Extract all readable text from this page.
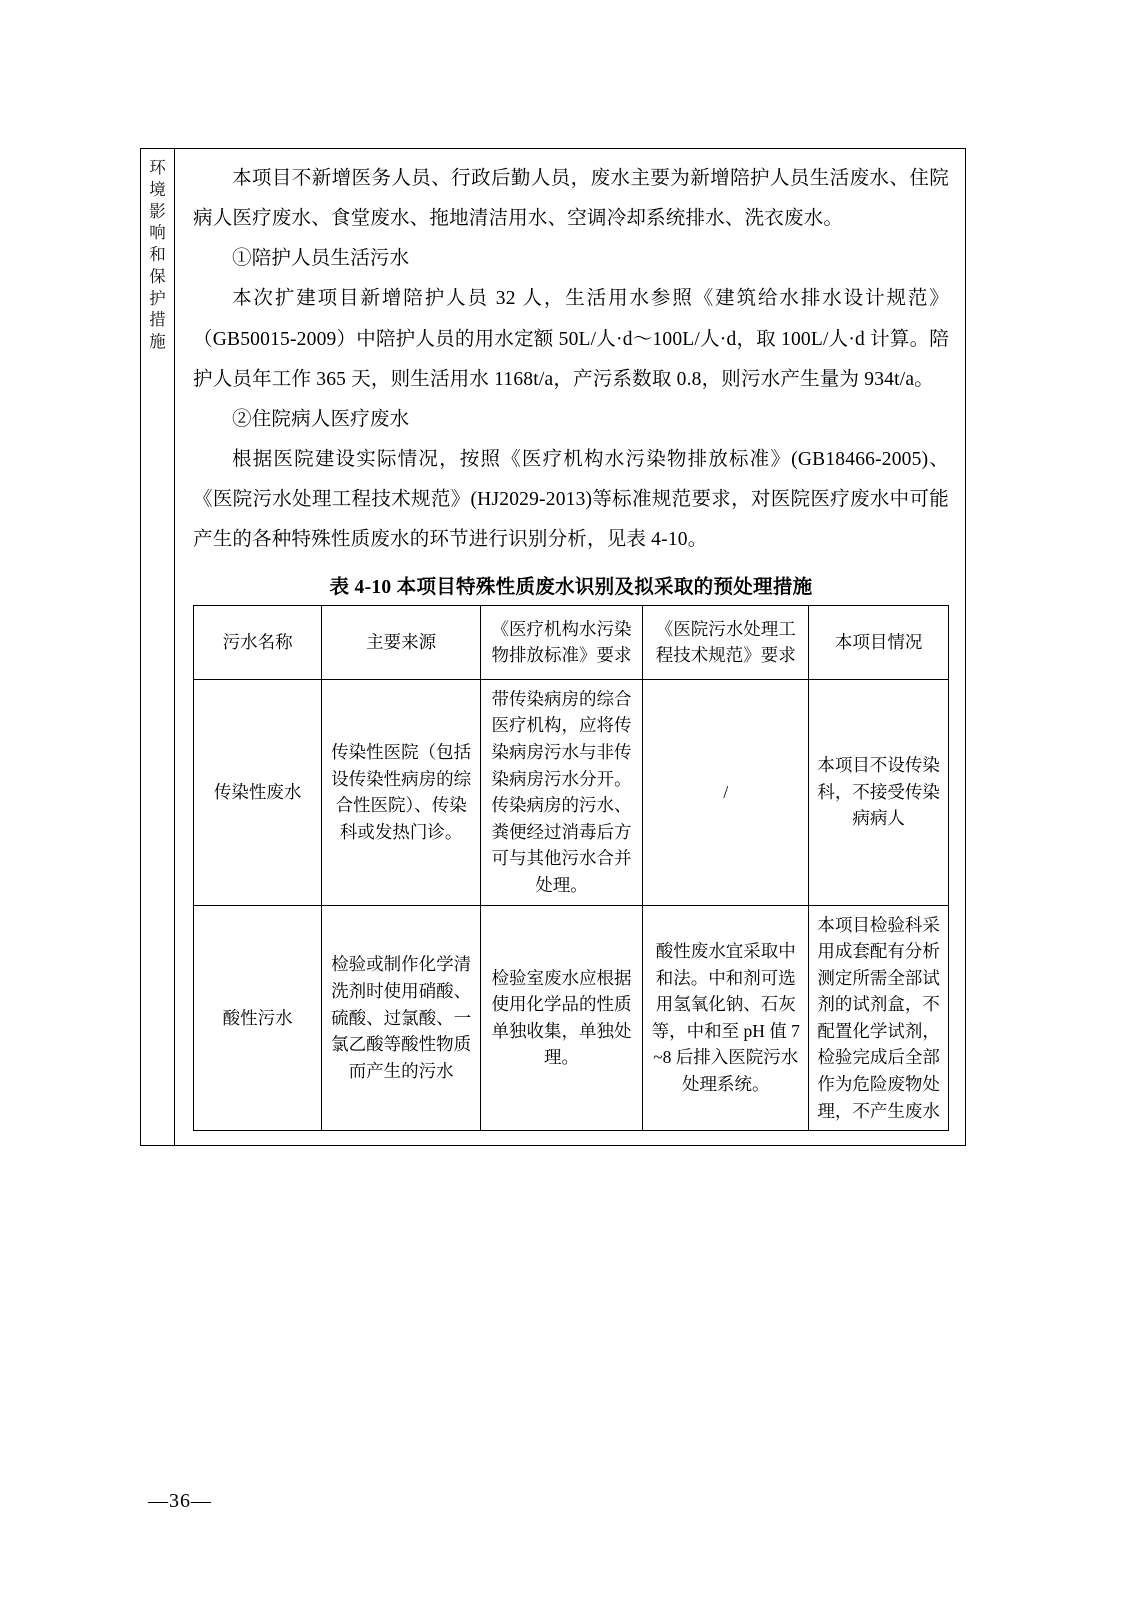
环
境
影
响
和
保
护
措
施

本项目不新增医务人员、行政后勤人员，废水主要为新增陪护人员生活废水、住院病人医疗废水、食堂废水、拖地清洁用水、空调冷却系统排水、洗衣废水。

①陪护人员生活污水

本次扩建项目新增陪护人员 32 人，生活用水参照《建筑给水排水设计规范》（GB50015-2009）中陪护人员的用水定额 50L/人·d～100L/人·d，取 100L/人·d 计算。陪护人员年工作 365 天，则生活用水 1168t/a，产污系数取 0.8，则污水产生量为 934t/a。

②住院病人医疗废水

根据医院建设实际情况，按照《医疗机构水污染物排放标准》(GB18466-2005)、《医院污水处理工程技术规范》(HJ2029-2013)等标准规范要求，对医院医疗废水中可能产生的各种特殊性质废水的环节进行识别分析，见表 4-10。

表 4-10 本项目特殊性质废水识别及拟采取的预处理措施
污水名称	主要来源	《医疗机构水污染物排放标准》要求	《医院污水处理工程技术规范》要求	本项目情况
传染性废水	传染性医院（包括设传染性病房的综合性医院）、传染科或发热门诊。	带传染病房的综合医疗机构，应将传染病房污水与非传染病房污水分开。传染病房的污水、粪便经过消毒后方可与其他污水合并处理。	/	本项目不设传染科，不接受传染病病人
酸性污水	检验或制作化学清洗剂时使用硝酸、硫酸、过氯酸、一氯乙酸等酸性物质而产生的污水	检验室废水应根据使用化学品的性质单独收集，单独处理。	酸性废水宜采取中和法。中和剂可选用氢氧化钠、石灰等，中和至 pH 值 7~8 后排入医院污水处理系统。	本项目检验科采用成套配有分析测定所需全部试剂的试剂盒，不配置化学试剂，检验完成后全部作为危险废物处理，不产生废水
—36—
